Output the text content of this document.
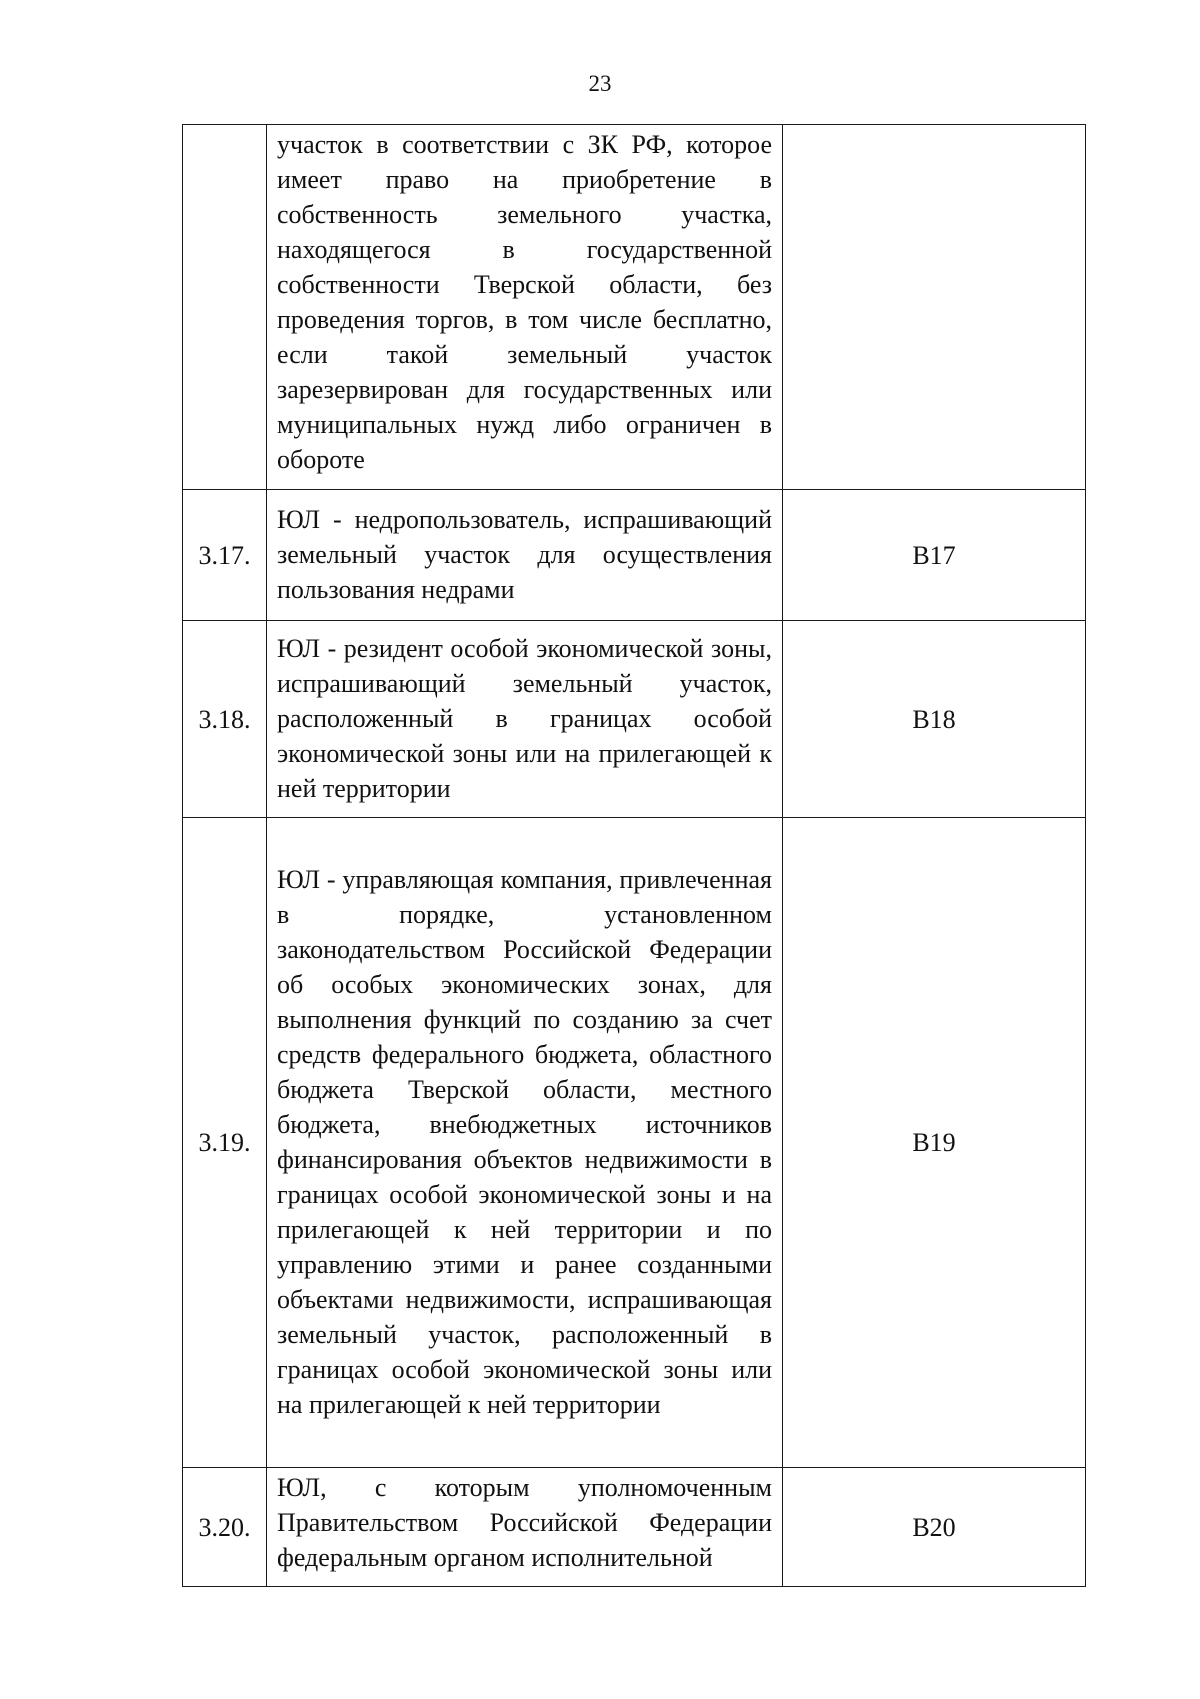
23
	участок в соответствии с ЗК РФ, которое имеет право на приобретение в собственность земельного участка, находящегося в государственной собственности Тверской области, без проведения торгов, в том числе бесплатно, если такой земельный участок зарезервирован для государственных или муниципальных нужд либо ограничен в обороте	
3.17.	ЮЛ - недропользователь, испрашивающий земельный участок для осуществления пользования недрами	B17
3.18.	ЮЛ - резидент особой экономической зоны, испрашивающий земельный участок, расположенный в границах особой экономической зоны или на прилегающей к ней территории	B18
3.19.	ЮЛ - управляющая компания, привлеченная в порядке, установленном законодательством Российской Федерации об особых экономических зонах, для выполнения функций по созданию за счет средств федерального бюджета, областного бюджета Тверской области, местного бюджета, внебюджетных источников финансирования объектов недвижимости в границах особой экономической зоны и на прилегающей к ней территории и по управлению этими и ранее созданными объектами недвижимости, испрашивающая земельный участок, расположенный в границах особой экономической зоны или на прилегающей к ней территории	B19
3.20.	ЮЛ, с которым уполномоченным Правительством Российской Федерации федеральным органом исполнительной	B20
